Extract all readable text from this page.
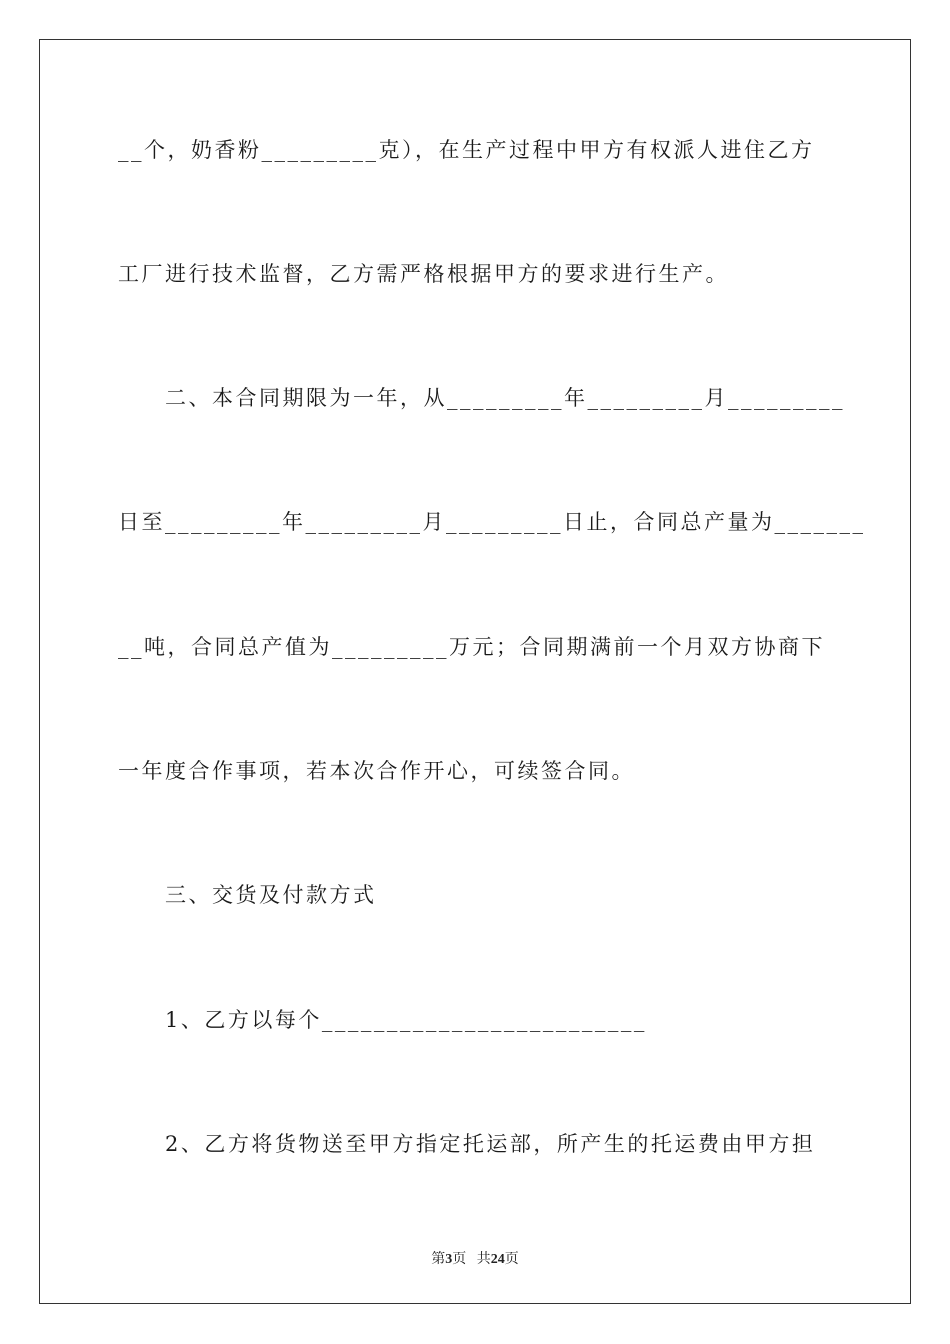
__个，奶香粉_________克），在生产过程中甲方有权派人进住乙方
工厂进行技术监督，乙方需严格根据甲方的要求进行生产。
　　二、本合同期限为一年，从_________年_________月_________
日至_________年_________月_________日止，合同总产量为_______
__吨，合同总产值为_________万元；合同期满前一个月双方协商下
一年度合作事项，若本次合作开心，可续签合同。
　　三、交货及付款方式
　　1、乙方以每个_________________________
　　2、乙方将货物送至甲方指定托运部，所产生的托运费由甲方担
第3页 共24页
